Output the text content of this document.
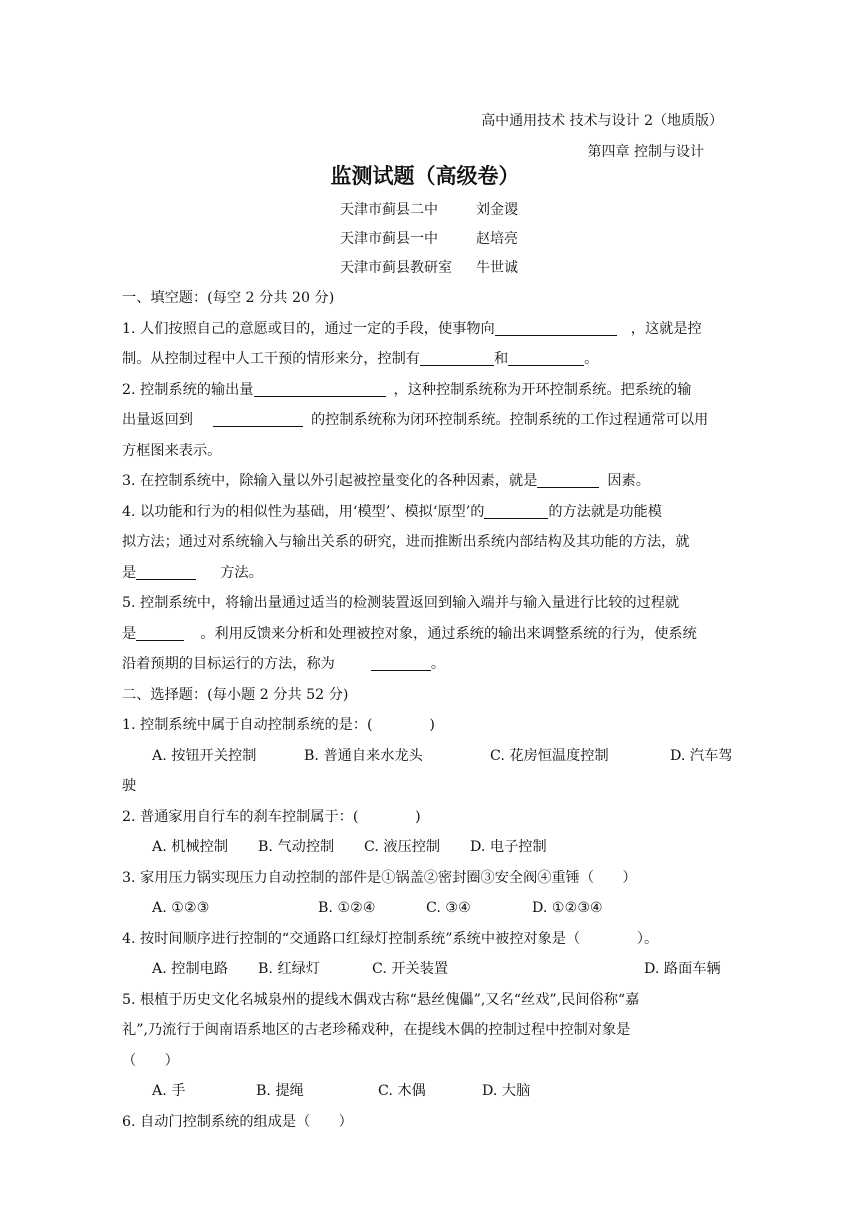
高中通用技术 技术与设计 2（地质版）
第四章 控制与设计
监测试题（高级卷）
天津市蓟县二中	刘金谡
天津市蓟县一中	赵培亮
天津市蓟县教研室 牛世诚
一、填空题：(每空 2 分共 20 分)
1. 人们按照自己的意愿或目的，通过一定的手段，使事物向	，这就是控
制。从控制过程中人工干预的情形来分，控制有	和	。
2. 控制系统的输出量	，这种控制系统称为开环控制系统。把系统的输
出量返回到	的控制系统称为闭环控制系统。控制系统的工作过程通常可以用
方框图来表示。
3. 在控制系统中，除输入量以外引起被控量变化的各种因素，就是	因素。
4. 以功能和行为的相似性为基础，用‘模型’、模拟‘原型’的	的方法就是功能模
拟方法；通过对系统输入与输出关系的研究，进而推断出系统内部结构及其功能的方法，就
是	方法。
5. 控制系统中，将输出量通过适当的检测装置返回到输入端并与输入量进行比较的过程就
是	。利用反馈来分析和处理被控对象，通过系统的输出来调整系统的行为，使系统
沿着预期的目标运行的方法，称为	。
二、选择题：(每小题 2 分共 52 分)
1. 控制系统中属于自动控制系统的是：(　　　　)
A. 按钮开关控制	B. 普通自来水龙头	C. 花房恒温度控制	D. 汽车驾
驶
2. 普通家用自行车的刹车控制属于：(　　　　)
A. 机械控制 B. 气动控制 C. 液压控制 D. 电子控制
3. 家用压力锅实现压力自动控制的部件是①锅盖②密封圈③安全阀④重锤（　　）
A. ①②③	B. ①②④	C. ③④	D. ①②③④
4. 按时间顺序进行控制的“交通路口红绿灯控制系统”系统中被控对象是（　　　　）。
A. 控制电路 B. 红绿灯	C. 开关装置	D. 路面车辆
5. 根植于历史文化名城泉州的提线木偶戏古称“悬丝傀儡”,又名“丝戏”,民间俗称“嘉
礼”,乃流行于闽南语系地区的古老珍稀戏种，在提线木偶的控制过程中控制对象是
（　　）
A. 手	B. 提绳	C. 木偶	D. 大脑
6. 自动门控制系统的组成是（　　）
